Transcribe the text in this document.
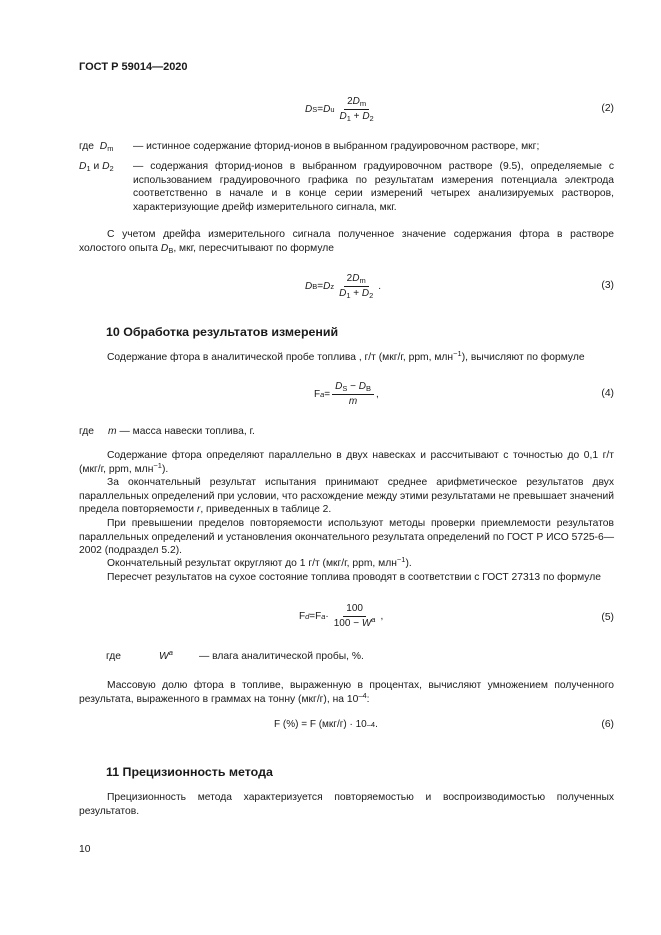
ГОСТ Р 59014—2020
D S = D u $\frac{2D_m}{D_1 + D_2}$	(2)
где $D_m$	— истинное содержание фторид-ионов в выбранном градуировочном растворе, мкг;
$D_1$ и $D_2$	— содержания фторид-ионов в выбранном градуировочном растворе (9.5), определяемые с использованием градуировочного графика по результатам измерения потенциала электрода соответственно в начале и в конце серии измерений четырех анализируемых растворов, характеризующие дрейф измерительного сигнала, мкг.
С учетом дрейфа измерительного сигнала полученное значение содержания фтора в растворе холостого опыта $D_B$, мкг, пересчитывают по формуле
D B = D z $\frac{2D_m}{D_1 + D_2}$ .	(3)
10 Обработка результатов измерений
Содержание фтора в аналитической пробе топлива , г/т (мкг/г, ppm, млн$^{-1}$), вычисляют по формуле
F $a = \frac{D_S - D_B}{m}$ ,	(4)
где m — масса навески топлива, г.
Содержание фтора определяют параллельно в двух навесках и рассчитывают с точностью до 0,1 г/т (мкг/г, ppm, млн$^{-1}$).
За окончательный результат испытания принимают среднее арифметическое результатов двух параллельных определений при условии, что расхождение между этими результатами не превышает значений предела повторяемости r, приведенных в таблице 2.
При превышении пределов повторяемости используют методы проверки приемлемости результатов параллельных определений и установления окончательного результата определений по ГОСТ Р ИСО 5725-6—2002 (подраздел 5.2).
Окончательный результат округляют до 1 г/т (мкг/г, ppm, млн$^{-1}$).
Пересчет результатов на сухое состояние топлива проводят в соответствии с ГОСТ 27313 по формуле
F d = F $a \cdot \frac{100}{100 - W^a}$ ,	(5)
где	$W^a$	— влага аналитической пробы, %.
Массовую долю фтора в топливе, выраженную в процентах, вычисляют умножением полученного результата, выраженного в граммах на тонну (мкг/г), на $10^{-4}$:
F (%) = F (мкг/г) · 10 –4 .	(6)
11 Прецизионность метода
Прецизионность метода характеризуется повторяемостью и воспроизводимостью полученных результатов.
10
